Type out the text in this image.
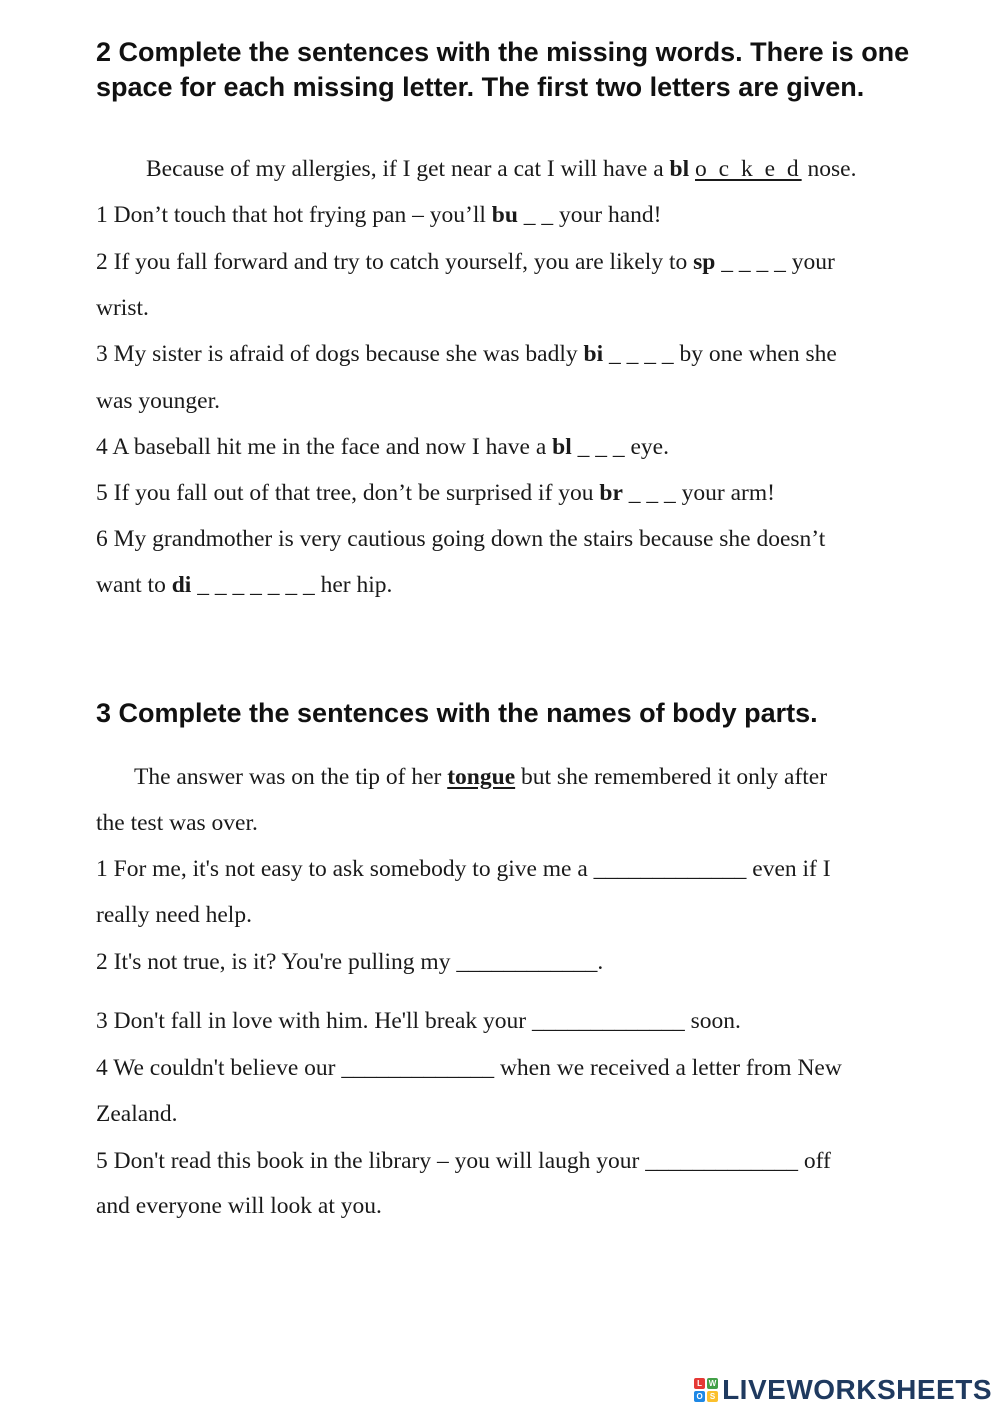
2 Complete the sentences with the missing words. There is one space for each missing letter. The first two letters are given.

Because of my allergies, if I get near a cat I will have a bl o c k e d nose.

1 Don’t touch that hot frying pan – you’ll bu _ _ your hand!

2 If you fall forward and try to catch yourself, you are likely to sp _ _ _ _ your

wrist.

3 My sister is afraid of dogs because she was badly bi _ _ _ _ by one when she

was younger.

4 A baseball hit me in the face and now I have a bl _ _ _ eye.

5 If you fall out of that tree, don’t be surprised if you br _ _ _ your arm!

6 My grandmother is very cautious going down the stairs because she doesn’t

want to di _ _ _ _ _ _ _ her hip.

3 Complete the sentences with the names of body parts.

The answer was on the tip of her tongue but she remembered it only after

the test was over.

1 For me, it's not easy to ask somebody to give me a _____________ even if I

really need help.

2 It's not true, is it? You're pulling my ____________.

3 Don't fall in love with him. He'll break your _____________ soon.

4 We couldn't believe our _____________ when we received a letter from New

Zealand.

5 Don't read this book in the library – you will laugh your _____________ off

and everyone will look at you.

L W
O S LIVEWORKSHEETS
